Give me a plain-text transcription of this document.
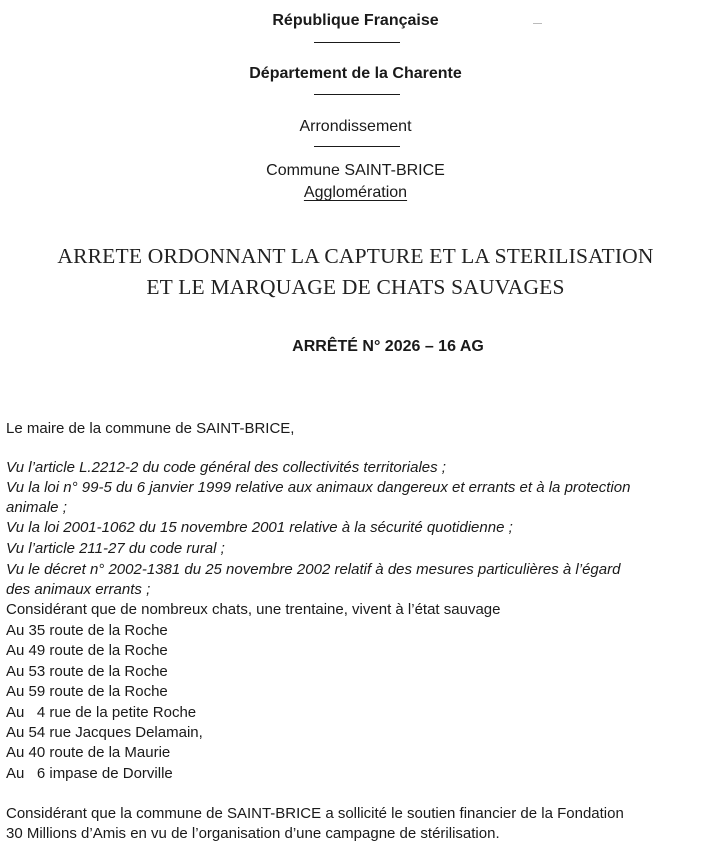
République Française
Département de la Charente
Arrondissement
Commune SAINT-BRICE
Agglomération
ARRETE ORDONNANT LA CAPTURE ET LA STERILISATION
ET LE MARQUAGE DE CHATS SAUVAGES
ARRÊTÉ N° 2026 – 16 AG
Le maire de la commune de SAINT-BRICE,
Vu l’article L.2212-2 du code général des collectivités territoriales ;
Vu la loi n° 99-5 du 6 janvier 1999 relative aux animaux dangereux et errants et à la protection
animale ;
Vu la loi 2001-1062 du 15 novembre 2001 relative à la sécurité quotidienne ;
Vu l’article 211-27 du code rural ;
Vu le décret n° 2002-1381 du 25 novembre 2002 relatif à des mesures particulières à l’égard
des animaux errants ;
Considérant que de nombreux chats, une trentaine, vivent à l’état sauvage
Au 35 route de la Roche
Au 49 route de la Roche
Au 53 route de la Roche
Au 59 route de la Roche
Au   4 rue de la petite Roche
Au 54 rue Jacques Delamain,
Au 40 route de la Maurie
Au   6 impase de Dorville
Considérant que la commune de SAINT-BRICE a sollicité le soutien financier de la Fondation
30 Millions d’Amis en vu de l’organisation d’une campagne de stérilisation.
